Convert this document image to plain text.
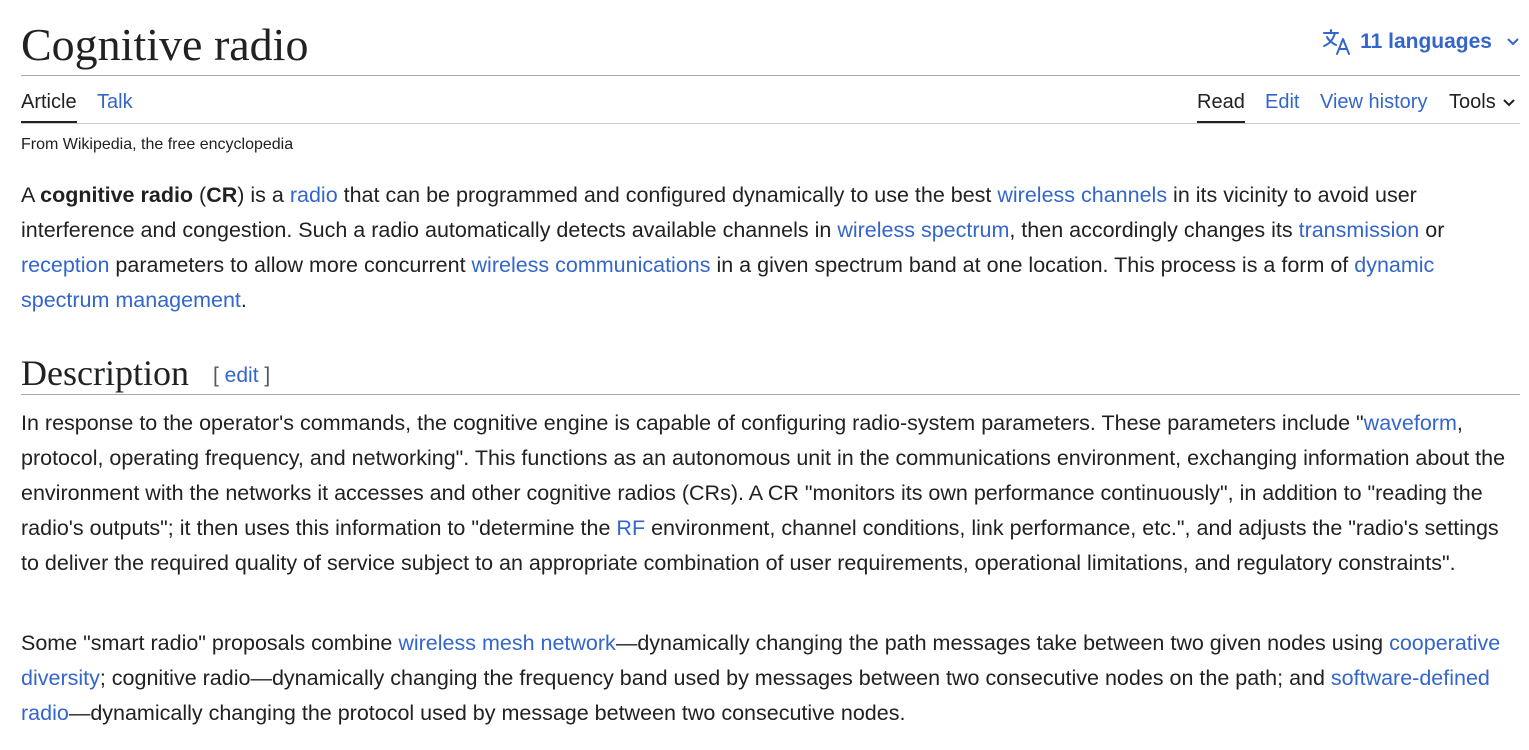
Cognitive radio	11 languages
Article Talk	Read Edit View history Tools
From Wikipedia, the free encyclopedia

A cognitive radio (CR) is a radio that can be programmed and configured dynamically to use the best wireless channels in its vicinity to avoid user interference and congestion. Such a radio automatically detects available channels in wireless spectrum, then accordingly changes its transmission or reception parameters to allow more concurrent wireless communications in a given spectrum band at one location. This process is a form of dynamic spectrum management.

Description [ edit ]

In response to the operator's commands, the cognitive engine is capable of configuring radio-system parameters. These parameters include "waveform, protocol, operating frequency, and networking". This functions as an autonomous unit in the communications environment, exchanging information about the environment with the networks it accesses and other cognitive radios (CRs). A CR "monitors its own performance continuously", in addition to "reading the radio's outputs"; it then uses this information to "determine the RF environment, channel conditions, link performance, etc.", and adjusts the "radio's settings to deliver the required quality of service subject to an appropriate combination of user requirements, operational limitations, and regulatory constraints".

Some "smart radio" proposals combine wireless mesh network—dynamically changing the path messages take between two given nodes using cooperative diversity; cognitive radio—dynamically changing the frequency band used by messages between two consecutive nodes on the path; and software-defined radio—dynamically changing the protocol used by message between two consecutive nodes.
